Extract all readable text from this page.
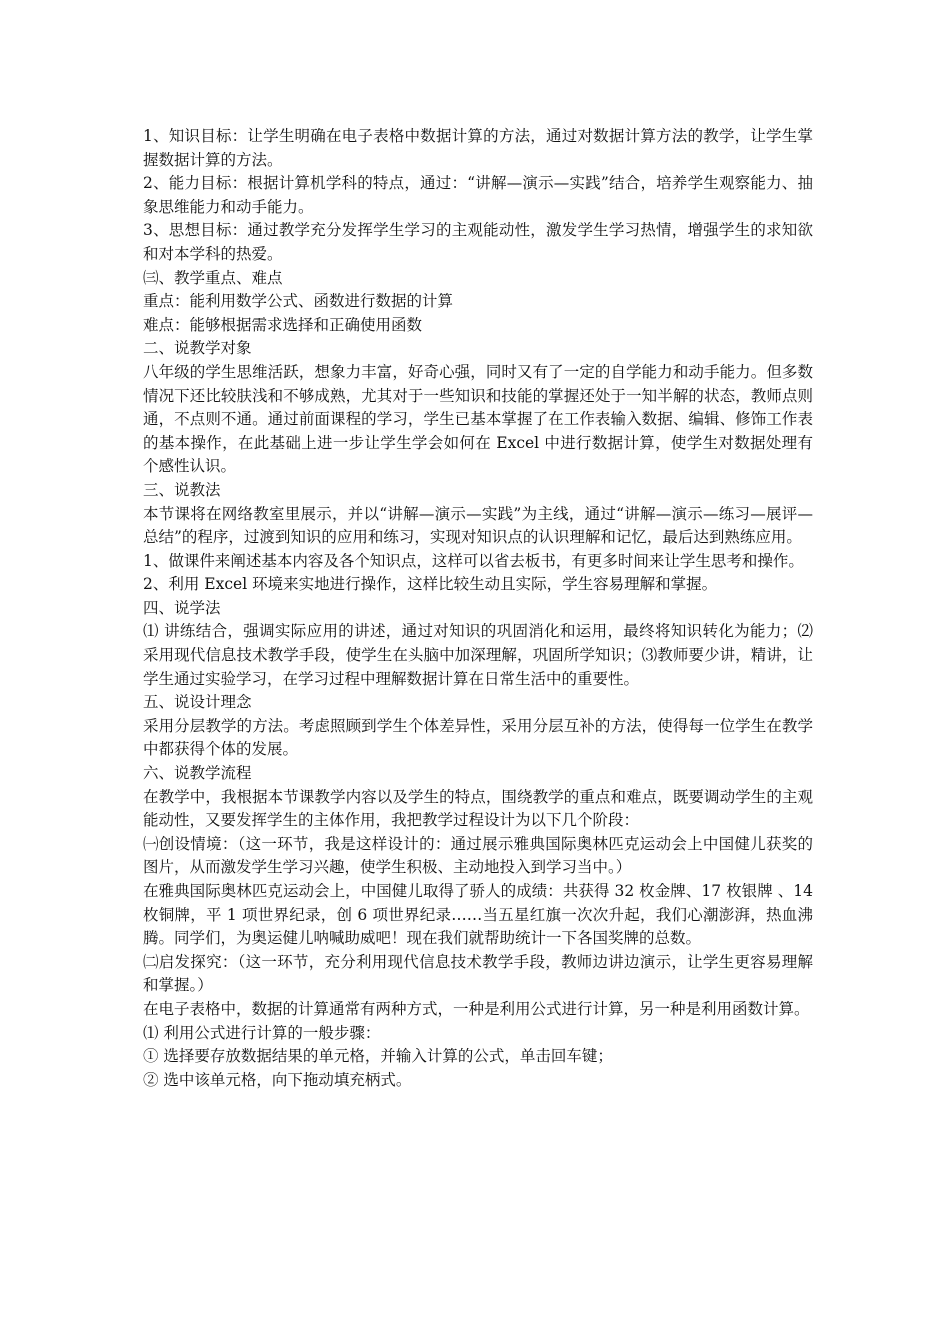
1、知识目标：让学生明确在电子表格中数据计算的方法，通过对数据计算方法的教学，让学生掌握数据计算的方法。

2、能力目标：根据计算机学科的特点，通过：“讲解—演示—实践”结合，培养学生观察能力、抽象思维能力和动手能力。

3、思想目标：通过教学充分发挥学生学习的主观能动性，激发学生学习热情，增强学生的求知欲和对本学科的热爱。

㈢、教学重点、难点

重点：能利用数学公式、函数进行数据的计算

难点：能够根据需求选择和正确使用函数

二、说教学对象

八年级的学生思维活跃，想象力丰富，好奇心强，同时又有了一定的自学能力和动手能力。但多数情况下还比较肤浅和不够成熟，尤其对于一些知识和技能的掌握还处于一知半解的状态，教师点则通，不点则不通。通过前面课程的学习，学生已基本掌握了在工作表输入数据、编辑、修饰工作表的基本操作，在此基础上进一步让学生学会如何在 Excel 中进行数据计算，使学生对数据处理有个感性认识。

三、说教法

本节课将在网络教室里展示，并以“讲解—演示—实践”为主线，通过“讲解—演示—练习—展评—总结”的程序，过渡到知识的应用和练习，实现对知识点的认识理解和记忆，最后达到熟练应用。

1、做课件来阐述基本内容及各个知识点，这样可以省去板书，有更多时间来让学生思考和操作。

2、利用 Excel 环境来实地进行操作，这样比较生动且实际，学生容易理解和掌握。

四、说学法

⑴ 讲练结合，强调实际应用的讲述，通过对知识的巩固消化和运用，最终将知识转化为能力；⑵采用现代信息技术教学手段，使学生在头脑中加深理解，巩固所学知识；⑶教师要少讲，精讲，让学生通过实验学习，在学习过程中理解数据计算在日常生活中的重要性。

五、说设计理念

采用分层教学的方法。考虑照顾到学生个体差异性，采用分层互补的方法，使得每一位学生在教学中都获得个体的发展。

六、说教学流程

在教学中，我根据本节课教学内容以及学生的特点，围绕教学的重点和难点，既要调动学生的主观能动性，又要发挥学生的主体作用，我把教学过程设计为以下几个阶段：

㈠创设情境：（这一环节，我是这样设计的：通过展示雅典国际奥林匹克运动会上中国健儿获奖的图片，从而激发学生学习兴趣，使学生积极、主动地投入到学习当中。）

在雅典国际奥林匹克运动会上，中国健儿取得了骄人的成绩：共获得 32 枚金牌、17 枚银牌 、14 枚铜牌，平 1 项世界纪录，创 6 项世界纪录……当五星红旗一次次升起，我们心潮澎湃，热血沸腾。同学们，为奥运健儿呐喊助威吧！现在我们就帮助统计一下各国奖牌的总数。

㈡启发探究：（这一环节，充分利用现代信息技术教学手段，教师边讲边演示，让学生更容易理解和掌握。）

在电子表格中，数据的计算通常有两种方式，一种是利用公式进行计算，另一种是利用函数计算。

⑴ 利用公式进行计算的一般步骤：

① 选择要存放数据结果的单元格，并输入计算的公式，单击回车键；

② 选中该单元格，向下拖动填充柄式。
